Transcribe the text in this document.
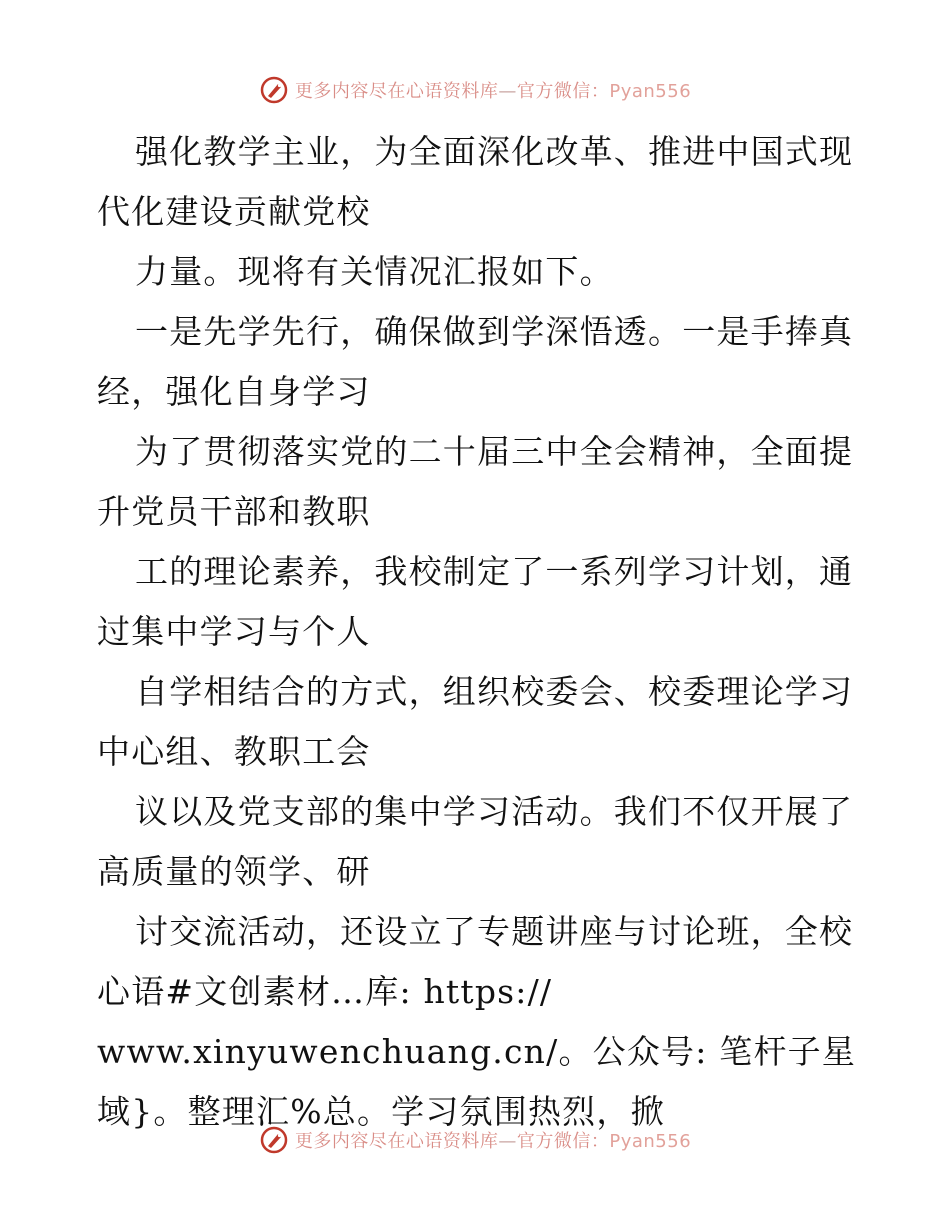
更多内容尽在心语资料库—官方微信：Pyan556

强化教学主业，为全面深化改革、推进中国式现

代化建设贡献党校

力量。现将有关情况汇报如下。

一是先学先行，确保做到学深悟透。一是手捧真

经，强化自身学习

为了贯彻落实党的二十届三中全会精神，全面提

升党员干部和教职

工的理论素养，我校制定了一系列学习计划，通

过集中学习与个人

自学相结合的方式，组织校委会、校委理论学习

中心组、教职工会

议以及党支部的集中学习活动。我们不仅开展了

高质量的领学、研

讨交流活动，还设立了专题讲座与讨论班，全校

心语#文创素材…库: https://

www.xinyuwenchuang.cn/。公众号: 笔杆子星

域}。整理汇%总。学习氛围热烈，掀

更多内容尽在心语资料库—官方微信：Pyan556
